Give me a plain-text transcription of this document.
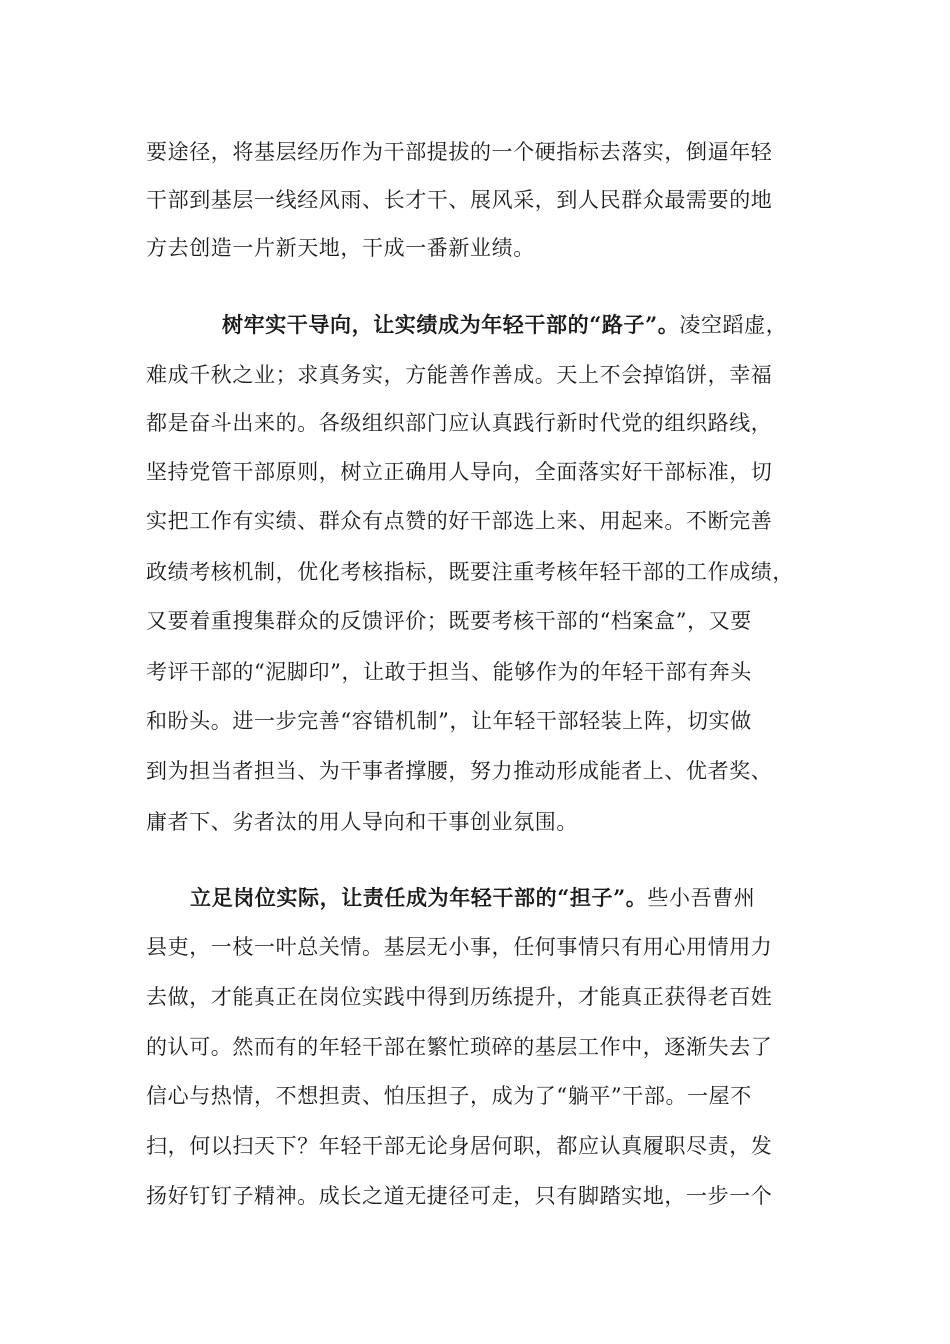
要途径，将基层经历作为干部提拔的一个硬指标去落实，倒逼年轻
干部到基层一线经风雨、长才干、展风采，到人民群众最需要的地
方去创造一片新天地，干成一番新业绩。
树牢实干导向，让实绩成为年轻干部的“路子”。凌空蹈虚，
难成千秋之业；求真务实，方能善作善成。天上不会掉馅饼，幸福
都是奋斗出来的。各级组织部门应认真践行新时代党的组织路线，
坚持党管干部原则，树立正确用人导向，全面落实好干部标准，切
实把工作有实绩、群众有点赞的好干部选上来、用起来。不断完善
政绩考核机制，优化考核指标，既要注重考核年轻干部的工作成绩，
又要着重搜集群众的反馈评价；既要考核干部的“档案盒”，又要
考评干部的“泥脚印”，让敢于担当、能够作为的年轻干部有奔头
和盼头。进一步完善“容错机制”，让年轻干部轻装上阵，切实做
到为担当者担当、为干事者撑腰，努力推动形成能者上、优者奖、
庸者下、劣者汰的用人导向和干事创业氛围。
立足岗位实际，让责任成为年轻干部的“担子”。些小吾曹州
县吏，一枝一叶总关情。基层无小事，任何事情只有用心用情用力
去做，才能真正在岗位实践中得到历练提升，才能真正获得老百姓
的认可。然而有的年轻干部在繁忙琐碎的基层工作中，逐渐失去了
信心与热情，不想担责、怕压担子，成为了“躺平”干部。一屋不
扫，何以扫天下？年轻干部无论身居何职，都应认真履职尽责，发
扬好钉钉子精神。成长之道无捷径可走，只有脚踏实地，一步一个
